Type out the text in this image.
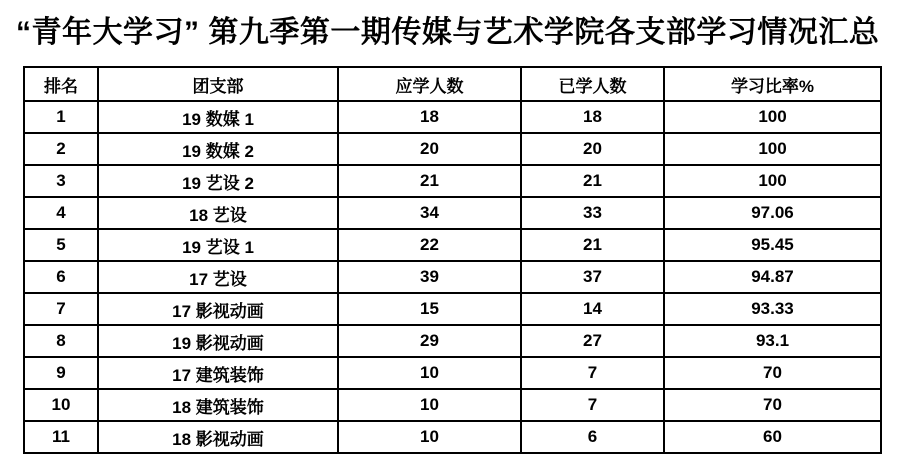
“青年大学习” 第九季第一期传媒与艺术学院各支部学习情况汇总
排名	团支部	应学人数	已学人数	学习比率%
1	19 数媒 1	18	18	100
2	19 数媒 2	20	20	100
3	19 艺设 2	21	21	100
4	18 艺设	34	33	97.06
5	19 艺设 1	22	21	95.45
6	17 艺设	39	37	94.87
7	17 影视动画	15	14	93.33
8	19 影视动画	29	27	93.1
9	17 建筑装饰	10	7	70
10	18 建筑装饰	10	7	70
11	18 影视动画	10	6	60
